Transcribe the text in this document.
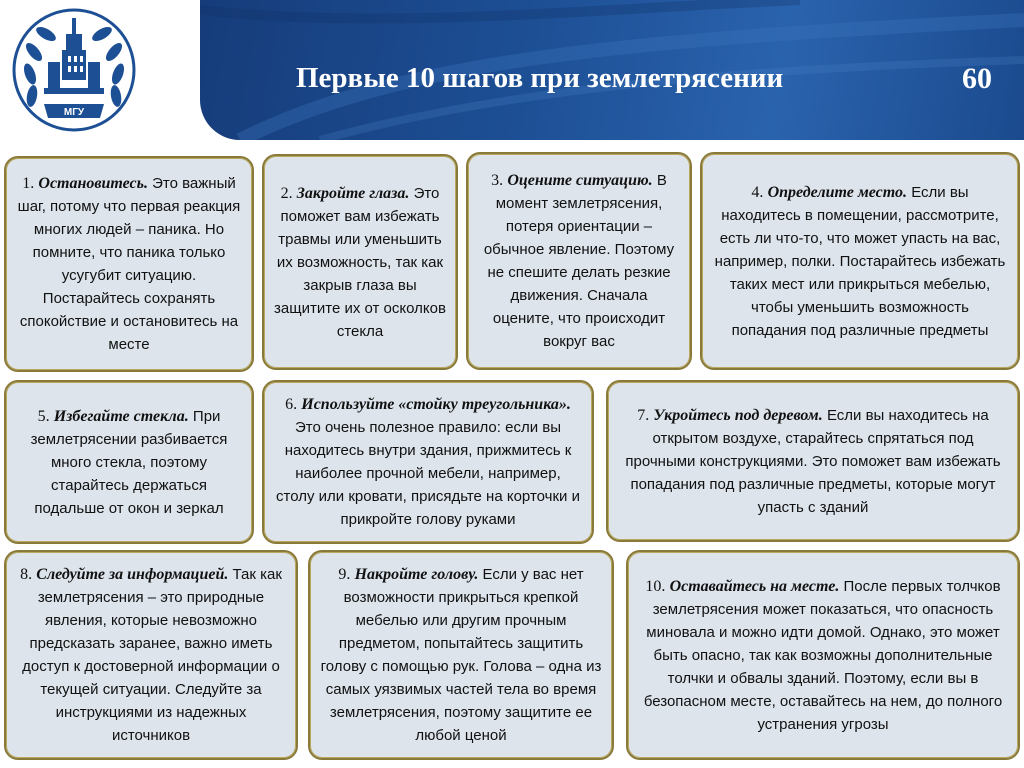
МГУ
Первые 10 шагов при землетрясении	60

1. Остановитесь. Это важный шаг, потому что первая реакция многих людей – паника. Но помните, что паника только усугубит ситуацию. Постарайтесь сохранять спокойствие и остановитесь на месте

2. Закройте глаза. Это поможет вам избежать травмы или уменьшить их возможность, так как закрыв глаза вы защитите их от осколков стекла

3. Оцените ситуацию. В момент землетрясения, потеря ориентации – обычное явление. Поэтому не спешите делать резкие движения. Сначала оцените, что происходит вокруг вас

4. Определите место. Если вы находитесь в помещении, рассмотрите, есть ли что-то, что может упасть на вас, например, полки. Постарайтесь избежать таких мест или прикрыться мебелью, чтобы уменьшить возможность попадания под различные предметы

5. Избегайте стекла. При землетрясении разбивается много стекла, поэтому старайтесь держаться подальше от окон и зеркал

6. Используйте «стойку треугольника». Это очень полезное правило: если вы находитесь внутри здания, прижмитесь к наиболее прочной мебели, например, столу или кровати, присядьте на корточки и прикройте голову руками

7. Укройтесь под деревом. Если вы находитесь на открытом воздухе, старайтесь спрятаться под прочными конструкциями. Это поможет вам избежать попадания под различные предметы, которые могут упасть с зданий

8. Следуйте за информацией. Так как землетрясения – это природные явления, которые невозможно предсказать заранее, важно иметь доступ к достоверной информации о текущей ситуации. Следуйте за инструкциями из надежных источников

9. Накройте голову. Если у вас нет возможности прикрыться крепкой мебелью или другим прочным предметом, попытайтесь защитить голову с помощью рук. Голова – одна из самых уязвимых частей тела во время землетрясения, поэтому защитите ее любой ценой

10. Оставайтесь на месте. После первых толчков землетрясения может показаться, что опасность миновала и можно идти домой. Однако, это может быть опасно, так как возможны дополнительные толчки и обвалы зданий. Поэтому, если вы в безопасном месте, оставайтесь на нем, до полного устранения угрозы
